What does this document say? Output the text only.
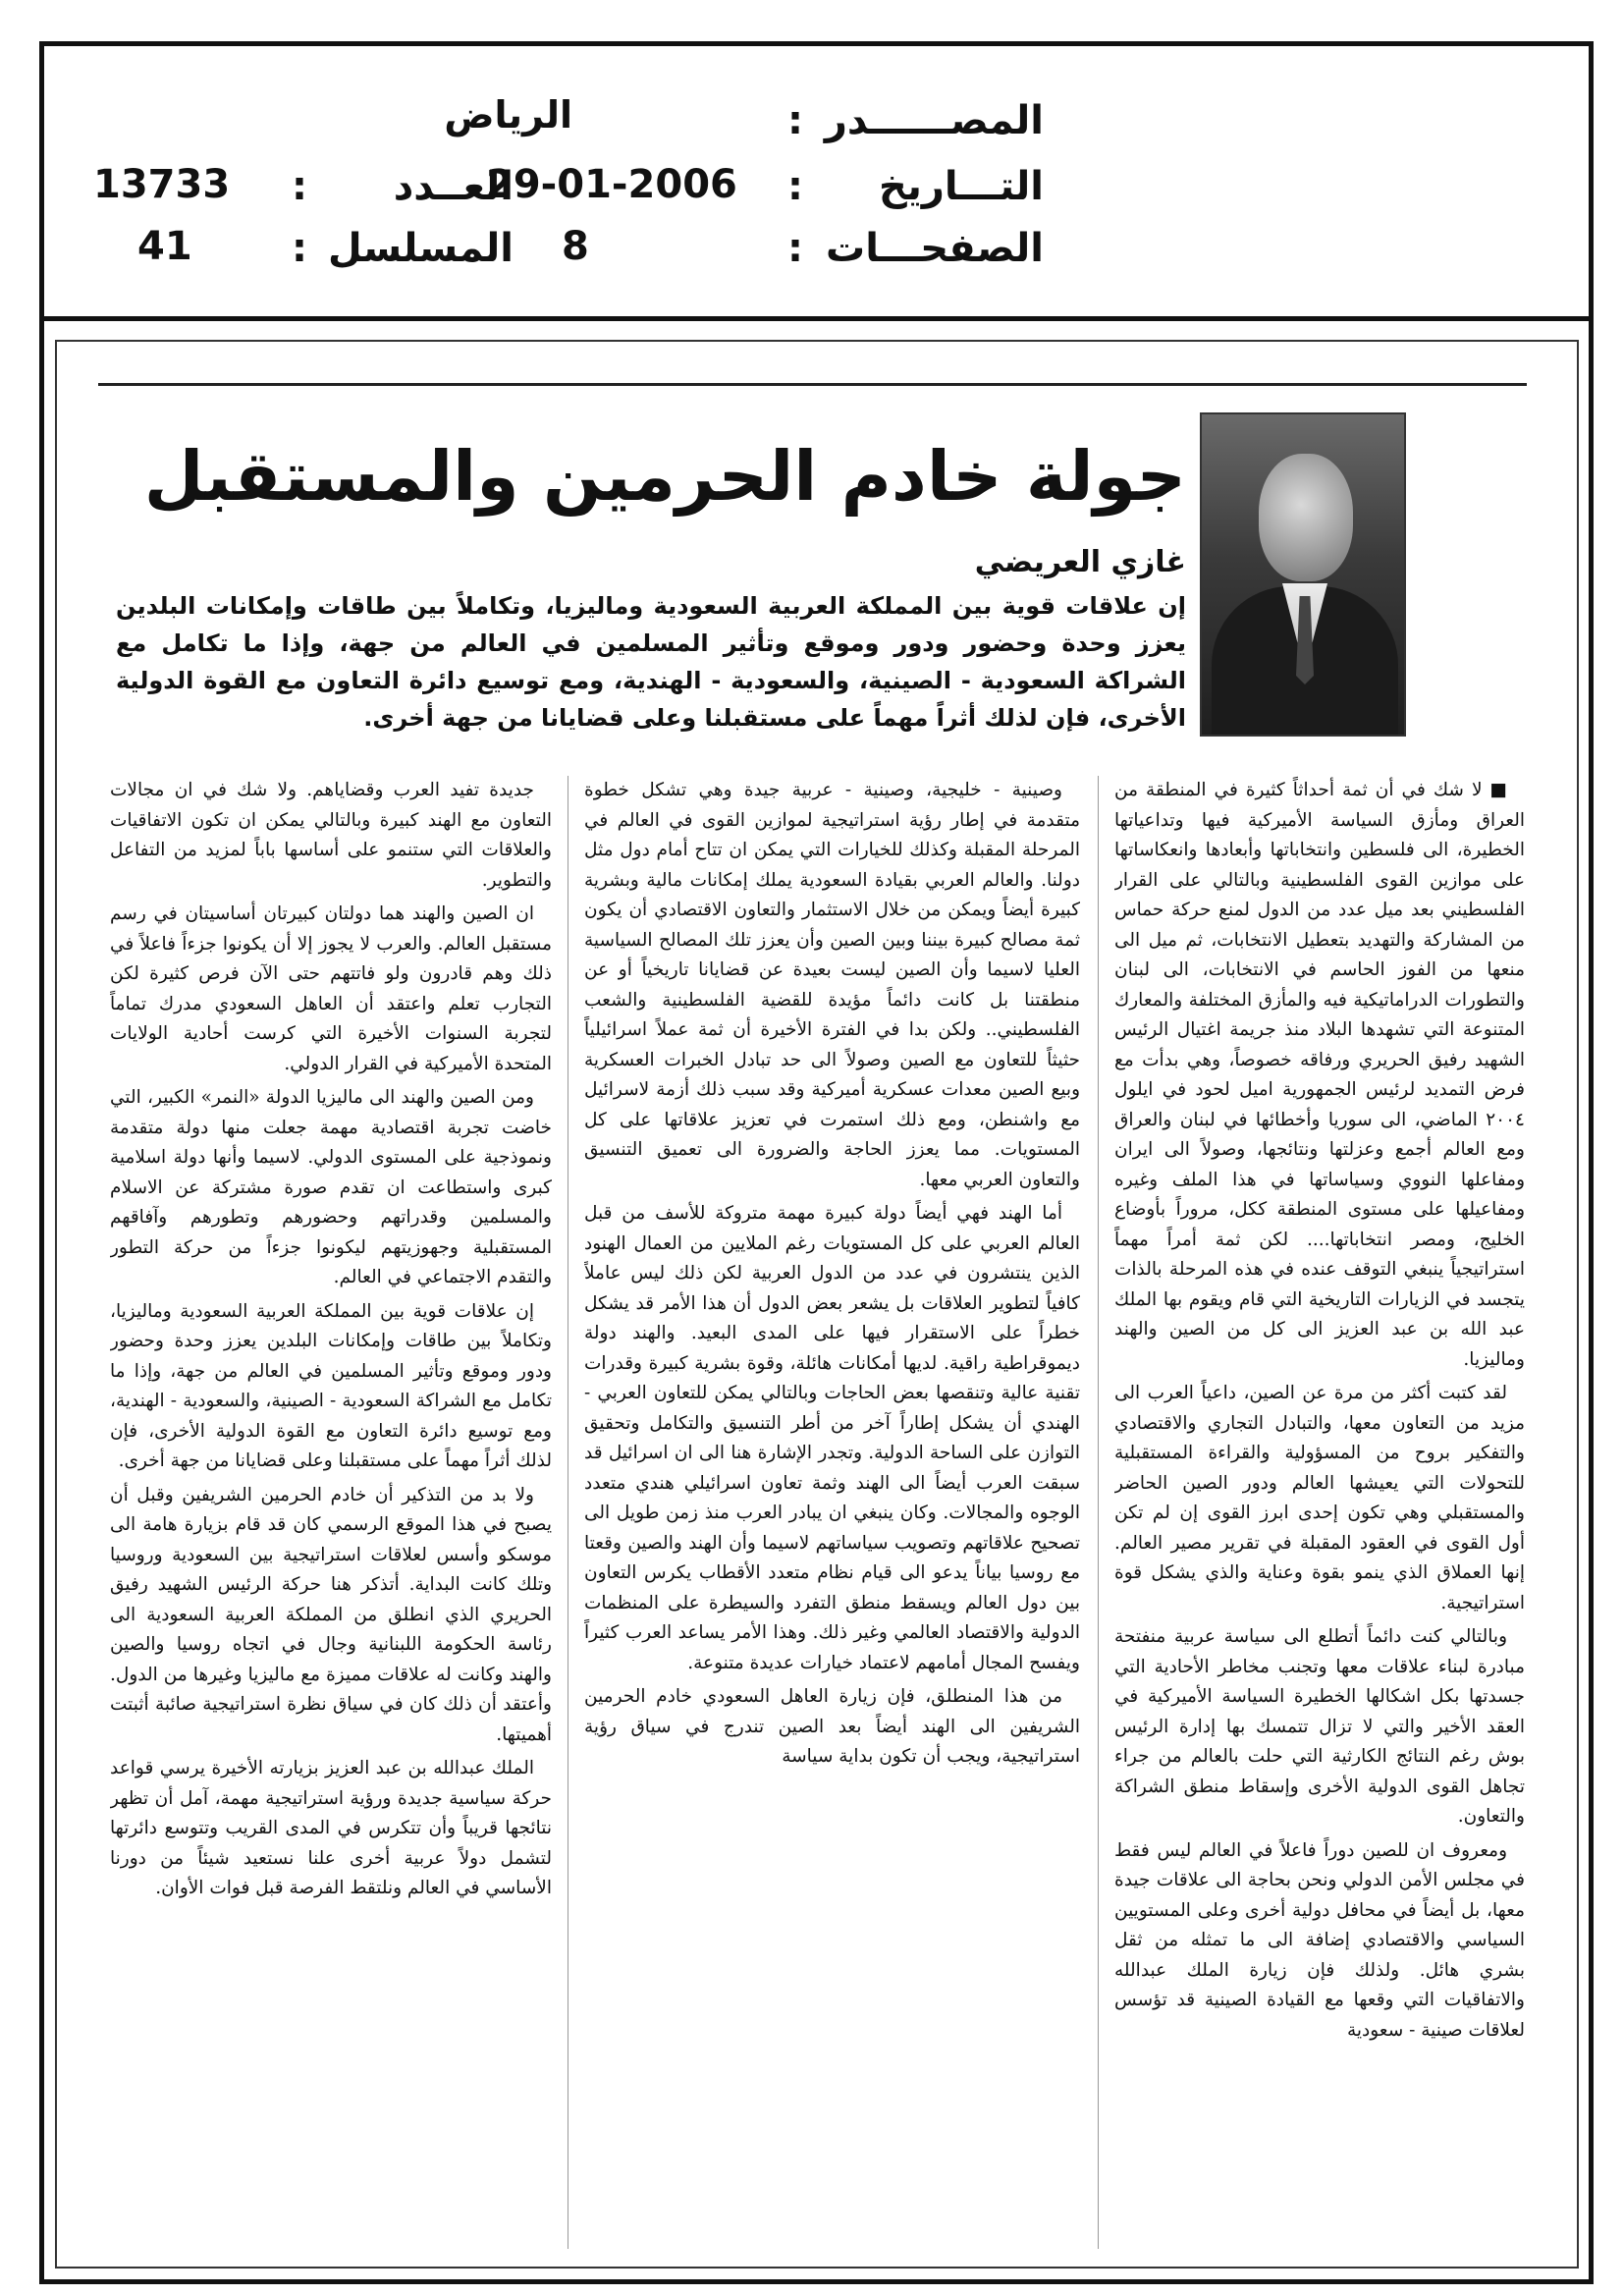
المصــــــدر
:
الرياض
التـــاريخ
:
29-01-2006
العــدد
:
13733
الصفحـــات
:
8
المسلسل
:
41
جولة خادم الحرمين والمستقبل
غازي العريضي
إن علاقات قوية بين المملكة العربية السعودية وماليزيا، وتكاملاً بين طاقات وإمكانات البلدين يعزز وحدة وحضور ودور وموقع وتأثير المسلمين في العالم من جهة، وإذا ما تكامل مع الشراكة السعودية - الصينية، والسعودية - الهندية، ومع توسيع دائرة التعاون مع القوة الدولية الأخرى، فإن لذلك أثراً مهماً على مستقبلنا وعلى قضايانا من جهة أخرى.

■ لا شك في أن ثمة أحداثاً كثيرة في المنطقة من العراق ومأزق السياسة الأميركية فيها وتداعياتها الخطيرة، الى فلسطين وانتخاباتها وأبعادها وانعكاساتها على موازين القوى الفلسطينية وبالتالي على القرار الفلسطيني بعد ميل عدد من الدول لمنع حركة حماس من المشاركة والتهديد بتعطيل الانتخابات، ثم ميل الى منعها من الفوز الحاسم في الانتخابات، الى لبنان والتطورات الدراماتيكية فيه والمأزق المختلفة والمعارك المتنوعة التي تشهدها البلاد منذ جريمة اغتيال الرئيس الشهيد رفيق الحريري ورفاقه خصوصاً، وهي بدأت مع فرض التمديد لرئيس الجمهورية اميل لحود في ايلول ٢٠٠٤ الماضي، الى سوريا وأخطائها في لبنان والعراق ومع العالم أجمع وعزلتها ونتائجها، وصولاً الى ايران ومفاعلها النووي وسياساتها في هذا الملف وغيره ومفاعيلها على مستوى المنطقة ككل، مروراً بأوضاع الخليج، ومصر انتخاباتها.... لكن ثمة أمراً مهماً استراتيجياً ينبغي التوقف عنده في هذه المرحلة بالذات يتجسد في الزيارات التاريخية التي قام ويقوم بها الملك عبد الله بن عبد العزيز الى كل من الصين والهند وماليزيا.

لقد كتبت أكثر من مرة عن الصين، داعياً العرب الى مزيد من التعاون معها، والتبادل التجاري والاقتصادي والتفكير بروح من المسؤولية والقراءة المستقبلية للتحولات التي يعيشها العالم ودور الصين الحاضر والمستقبلي وهي تكون إحدى ابرز القوى إن لم تكن أول القوى في العقود المقبلة في تقرير مصير العالم. إنها العملاق الذي ينمو بقوة وعناية والذي يشكل قوة استراتيجية.

وبالتالي كنت دائماً أتطلع الى سياسة عربية منفتحة مبادرة لبناء علاقات معها وتجنب مخاطر الأحادية التي جسدتها بكل اشكالها الخطيرة السياسة الأميركية في العقد الأخير والتي لا تزال تتمسك بها إدارة الرئيس بوش رغم النتائج الكارثية التي حلت بالعالم من جراء تجاهل القوى الدولية الأخرى وإسقاط منطق الشراكة والتعاون.

ومعروف ان للصين دوراً فاعلاً في العالم ليس فقط في مجلس الأمن الدولي ونحن بحاجة الى علاقات جيدة معها، بل أيضاً في محافل دولية أخرى وعلى المستويين السياسي والاقتصادي إضافة الى ما تمثله من ثقل بشري هائل. ولذلك فإن زيارة الملك عبدالله والاتفاقيات التي وقعها مع القيادة الصينية قد تؤسس لعلاقات صينية - سعودية

وصينية - خليجية، وصينية - عربية جيدة وهي تشكل خطوة متقدمة في إطار رؤية استراتيجية لموازين القوى في العالم في المرحلة المقبلة وكذلك للخيارات التي يمكن ان تتاح أمام دول مثل دولنا. والعالم العربي بقيادة السعودية يملك إمكانات مالية وبشرية كبيرة أيضاً ويمكن من خلال الاستثمار والتعاون الاقتصادي أن يكون ثمة مصالح كبيرة بيننا وبين الصين وأن يعزز تلك المصالح السياسية العليا لاسيما وأن الصين ليست بعيدة عن قضايانا تاريخياً أو عن منطقتنا بل كانت دائماً مؤيدة للقضية الفلسطينية والشعب الفلسطيني.. ولكن بدا في الفترة الأخيرة أن ثمة عملاً اسرائيلياً حثيثاً للتعاون مع الصين وصولاً الى حد تبادل الخبرات العسكرية وبيع الصين معدات عسكرية أميركية وقد سبب ذلك أزمة لاسرائيل مع واشنطن، ومع ذلك استمرت في تعزيز علاقاتها على كل المستويات. مما يعزز الحاجة والضرورة الى تعميق التنسيق والتعاون العربي معها.

أما الهند فهي أيضاً دولة كبيرة مهمة متروكة للأسف من قبل العالم العربي على كل المستويات رغم الملايين من العمال الهنود الذين ينتشرون في عدد من الدول العربية لكن ذلك ليس عاملاً كافياً لتطوير العلاقات بل يشعر بعض الدول أن هذا الأمر قد يشكل خطراً على الاستقرار فيها على المدى البعيد. والهند دولة ديموقراطية راقية. لديها أمكانات هائلة، وقوة بشرية كبيرة وقدرات تقنية عالية وتنقصها بعض الحاجات وبالتالي يمكن للتعاون العربي - الهندي أن يشكل إطاراً آخر من أطر التنسيق والتكامل وتحقيق التوازن على الساحة الدولية. وتجدر الإشارة هنا الى ان اسرائيل قد سبقت العرب أيضاً الى الهند وثمة تعاون اسرائيلي هندي متعدد الوجوه والمجالات. وكان ينبغي ان يبادر العرب منذ زمن طويل الى تصحيح علاقاتهم وتصويب سياساتهم لاسيما وأن الهند والصين وقعتا مع روسيا بياناً يدعو الى قيام نظام متعدد الأقطاب يكرس التعاون بين دول العالم ويسقط منطق التفرد والسيطرة على المنظمات الدولية والاقتصاد العالمي وغير ذلك. وهذا الأمر يساعد العرب كثيراً ويفسح المجال أمامهم لاعتماد خيارات عديدة متنوعة.

من هذا المنطلق، فإن زيارة العاهل السعودي خادم الحرمين الشريفين الى الهند أيضاً بعد الصين تندرج في سياق رؤية استراتيجية، ويجب أن تكون بداية سياسة

جديدة تفيد العرب وقضاياهم. ولا شك في ان مجالات التعاون مع الهند كبيرة وبالتالي يمكن ان تكون الاتفاقيات والعلاقات التي ستنمو على أساسها باباً لمزيد من التفاعل والتطوير.

ان الصين والهند هما دولتان كبيرتان أساسيتان في رسم مستقبل العالم. والعرب لا يجوز إلا أن يكونوا جزءاً فاعلاً في ذلك وهم قادرون ولو فاتتهم حتى الآن فرص كثيرة لكن التجارب تعلم واعتقد أن العاهل السعودي مدرك تماماً لتجربة السنوات الأخيرة التي كرست أحادية الولايات المتحدة الأميركية في القرار الدولي.

ومن الصين والهند الى ماليزيا الدولة «النمر» الكبير، التي خاضت تجربة اقتصادية مهمة جعلت منها دولة متقدمة ونموذجية على المستوى الدولي. لاسيما وأنها دولة اسلامية كبرى واستطاعت ان تقدم صورة مشتركة عن الاسلام والمسلمين وقدراتهم وحضورهم وتطورهم وآفاقهم المستقبلية وجهوزيتهم ليكونوا جزءاً من حركة التطور والتقدم الاجتماعي في العالم.

إن علاقات قوية بين المملكة العربية السعودية وماليزيا، وتكاملاً بين طاقات وإمكانات البلدين يعزز وحدة وحضور ودور وموقع وتأثير المسلمين في العالم من جهة، وإذا ما تكامل مع الشراكة السعودية - الصينية، والسعودية - الهندية، ومع توسيع دائرة التعاون مع القوة الدولية الأخرى، فإن لذلك أثراً مهماً على مستقبلنا وعلى قضايانا من جهة أخرى.

ولا بد من التذكير أن خادم الحرمين الشريفين وقبل أن يصبح في هذا الموقع الرسمي كان قد قام بزيارة هامة الى موسكو وأسس لعلاقات استراتيجية بين السعودية وروسيا وتلك كانت البداية. أتذكر هنا حركة الرئيس الشهيد رفيق الحريري الذي انطلق من المملكة العربية السعودية الى رئاسة الحكومة اللبنانية وجال في اتجاه روسيا والصين والهند وكانت له علاقات مميزة مع ماليزيا وغيرها من الدول. وأعتقد أن ذلك كان في سياق نظرة استراتيجية صائبة أثبتت أهميتها.

الملك عبدالله بن عبد العزيز بزيارته الأخيرة يرسي قواعد حركة سياسية جديدة ورؤية استراتيجية مهمة، آمل أن تظهر نتائجها قريباً وأن تتكرس في المدى القريب وتتوسع دائرتها لتشمل دولاً عربية أخرى علنا نستعيد شيئاً من دورنا الأساسي في العالم ونلتقط الفرصة قبل فوات الأوان.
